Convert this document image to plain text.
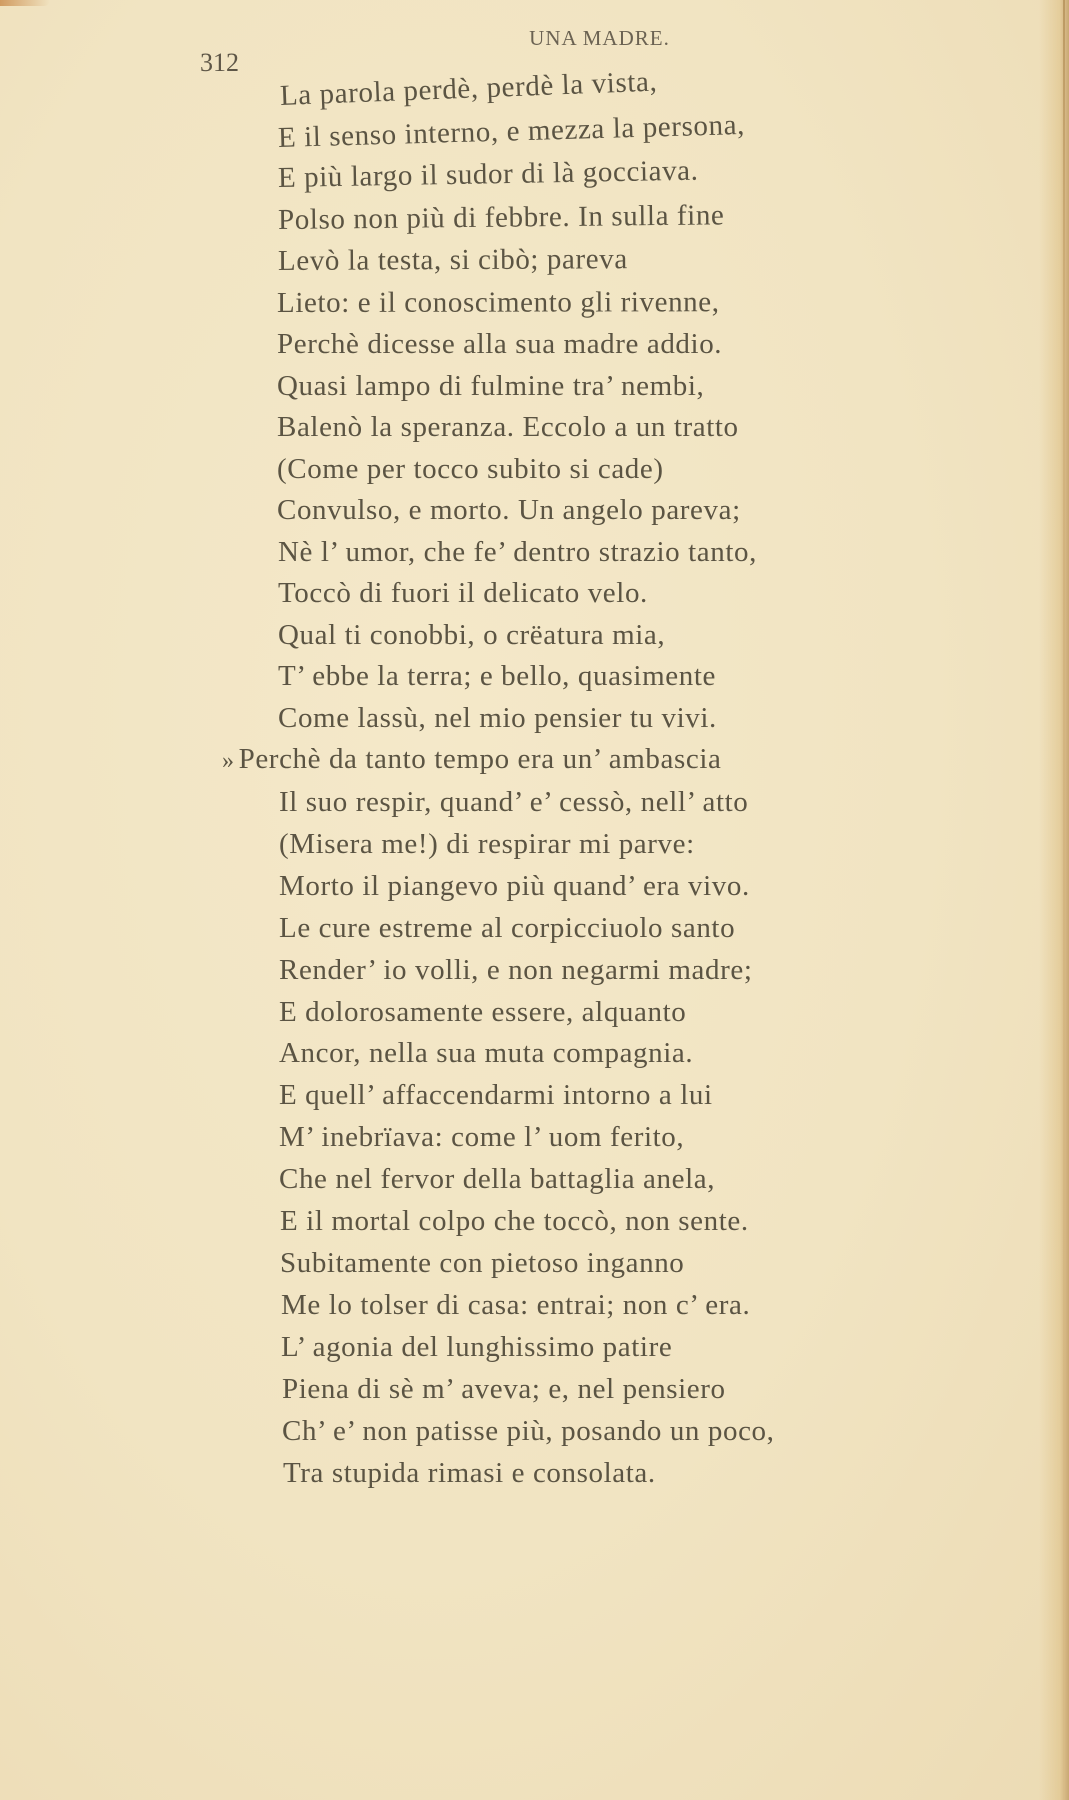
UNA MADRE.
312
La parola perdè, perdè la vista,
E il senso interno, e mezza la persona,
E più largo il sudor di là gocciava.
Polso non più di febbre. In sulla fine
Levò la testa, si cibò; pareva
Lieto: e il conoscimento gli rivenne,
Perchè dicesse alla sua madre addio.
Quasi lampo di fulmine tra’ nembi,
Balenò la speranza. Eccolo a un tratto
(Come per tocco subito si cade)
Convulso, e morto. Un angelo pareva;
Nè l’ umor, che fe’ dentro strazio tanto,
Toccò di fuori il delicato velo.
Qual ti conobbi, o crëatura mia,
T’ ebbe la terra; e bello, quasimente
Come lassù, nel mio pensier tu vivi.
» Perchè da tanto tempo era un’ ambascia
Il suo respir, quand’ e’ cessò, nell’ atto
(Misera me!) di respirar mi parve:
Morto il piangevo più quand’ era vivo.
Le cure estreme al corpicciuolo santo
Render’ io volli, e non negarmi madre;
E dolorosamente essere, alquanto
Ancor, nella sua muta compagnia.
E quell’ affaccendarmi intorno a lui
M’ inebrïava: come l’ uom ferito,
Che nel fervor della battaglia anela,
E il mortal colpo che toccò, non sente.
Subitamente con pietoso inganno
Me lo tolser di casa: entrai; non c’ era.
L’ agonia del lunghissimo patire
Piena di sè m’ aveva; e, nel pensiero
Ch’ e’ non patisse più, posando un poco,
Tra stupida rimasi e consolata.
